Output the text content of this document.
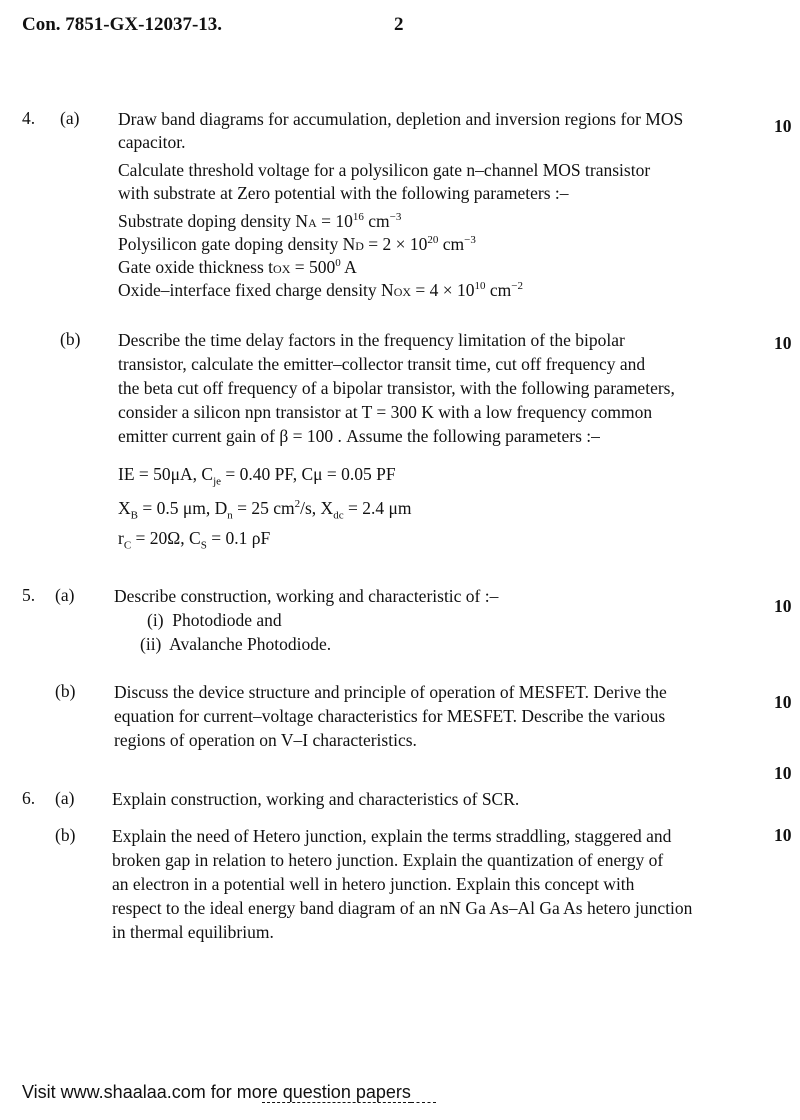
Con. 7851-GX-12037-13.	2
4. (a)	10
Draw band diagrams for accumulation, depletion and inversion regions for MOS
capacitor.
Calculate threshold voltage for a polysilicon gate n–channel MOS transistor
with substrate at Zero potential with the following parameters :–
Substrate doping density NA = $10^{16}$ $cm^{-3}$
Polysilicon gate doping density ND = $2 \times 10^{20}$ $cm^{-3}$
Gate oxide thickness tOX = $500^0$ A
Oxide–interface fixed charge density NOX = $4 \times 10^{10}$ $cm^{-2}$
(b)	10
Describe the time delay factors in the frequency limitation of the bipolar
transistor, calculate the emitter–collector transit time, cut off frequency and
the beta cut off frequency of a bipolar transistor, with the following parameters,
consider a silicon npn transistor at T = 300 K with a low frequency common
emitter current gain of β = 100 . Assume the following parameters :–
IE = 50μA, $C_{je} = 0.40$ PF, Cμ = 0.05 PF
$X_B = 0.5$ μm, $D_n = 25$ $cm^2/s$, $X_{dc} = 2.4$ μm
$r_C = 20\Omega$, $C_S = 0.1$ ρF
5. (a)
10
Describe construction, working and characteristic of :–
(i)  Photodiode and
(ii)  Avalanche Photodiode.
(b)
10
Discuss the device structure and principle of operation of MESFET. Derive the
equation for current–voltage characteristics for MESFET. Describe the various
regions of operation on V–I characteristics.
10
6. (a) Explain construction, working and characteristics of SCR.
(b)	10
Explain the need of Hetero junction, explain the terms straddling, staggered and
broken gap in relation to hetero junction. Explain the quantization of energy of
an electron in a potential well in hetero junction. Explain this concept with
respect to the ideal energy band diagram of an nN Ga As–Al Ga As hetero junction
in thermal equilibrium.
Visit www.shaalaa.com for more question papers
